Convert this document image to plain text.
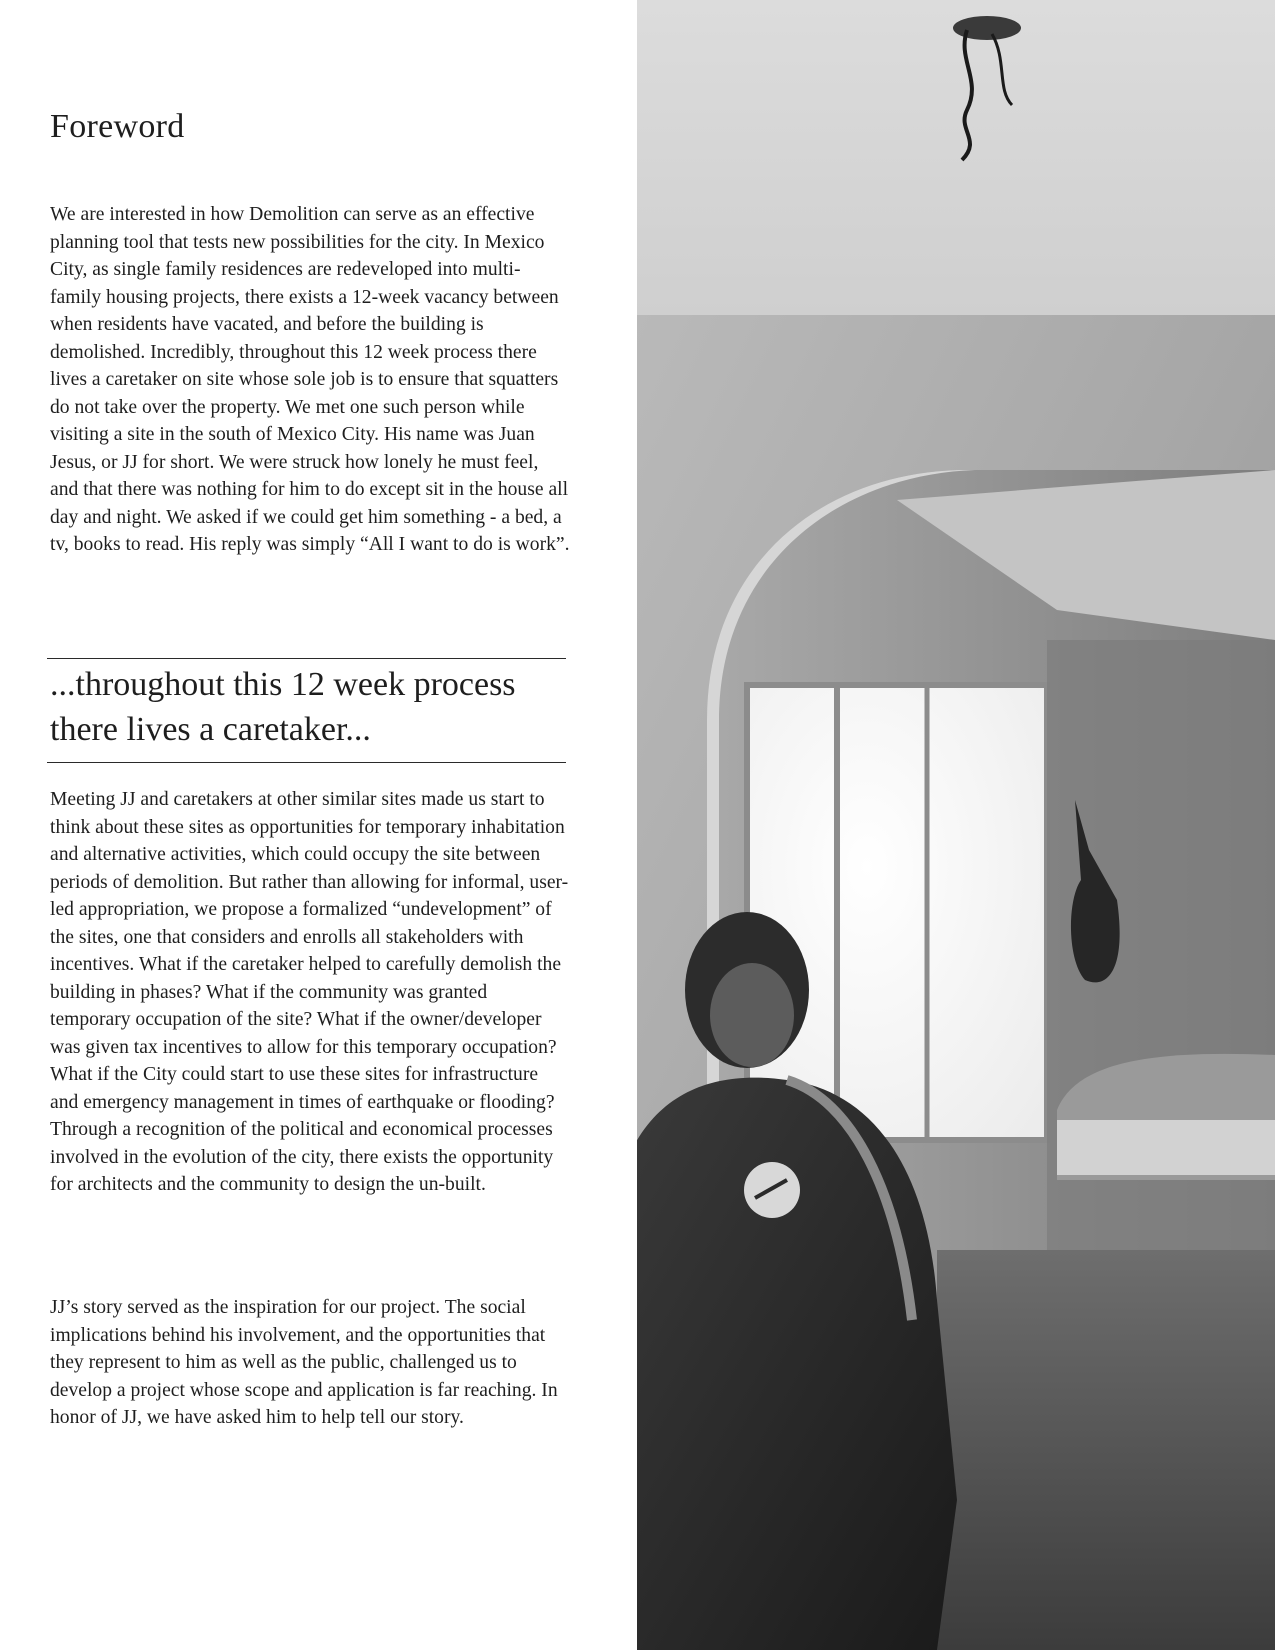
Foreword

We are interested in how Demolition can serve as an effective planning tool that tests new possibilities for the city. In Mexico City, as single family residences are redeveloped into multi-family housing projects, there exists a 12-week vacancy between when residents have vacated, and before the building is demolished. Incredibly, throughout this 12 week process there lives a caretaker on site whose sole job is to ensure that squatters do not take over the property. We met one such person while visiting a site in the south of Mexico City. His name was Juan Jesus, or JJ for short. We were struck how lonely he must feel, and that there was nothing for him to do except sit in the house all day and night. We asked if we could get him something - a bed, a tv, books to read. His reply was simply “All I want to do is work”.

...throughout this 12 week process there lives a caretaker...

Meeting JJ and caretakers at other similar sites made us start to think about these sites as opportunities for temporary inhabitation and alternative activities, which could occupy the site between periods of demolition. But rather than allowing for informal, user-led appropriation, we propose a formalized “undevelopment” of the sites, one that considers and enrolls all stakeholders with incentives. What if the caretaker helped to carefully demolish the building in phases? What if the community was granted temporary occupation of the site? What if the owner/developer was given tax incentives to allow for this temporary occupation? What if the City could start to use these sites for infrastructure and emergency management in times of earthquake or flooding? Through a recognition of the political and economical processes involved in the evolution of the city, there exists the opportunity for architects and the community to design the un-built.

JJ’s story served as the inspiration for our project. The social implications behind his involvement, and the opportunities that they represent to him as well as the public, challenged us to develop a project whose scope and application is far reaching. In honor of JJ, we have asked him to help tell our story.
